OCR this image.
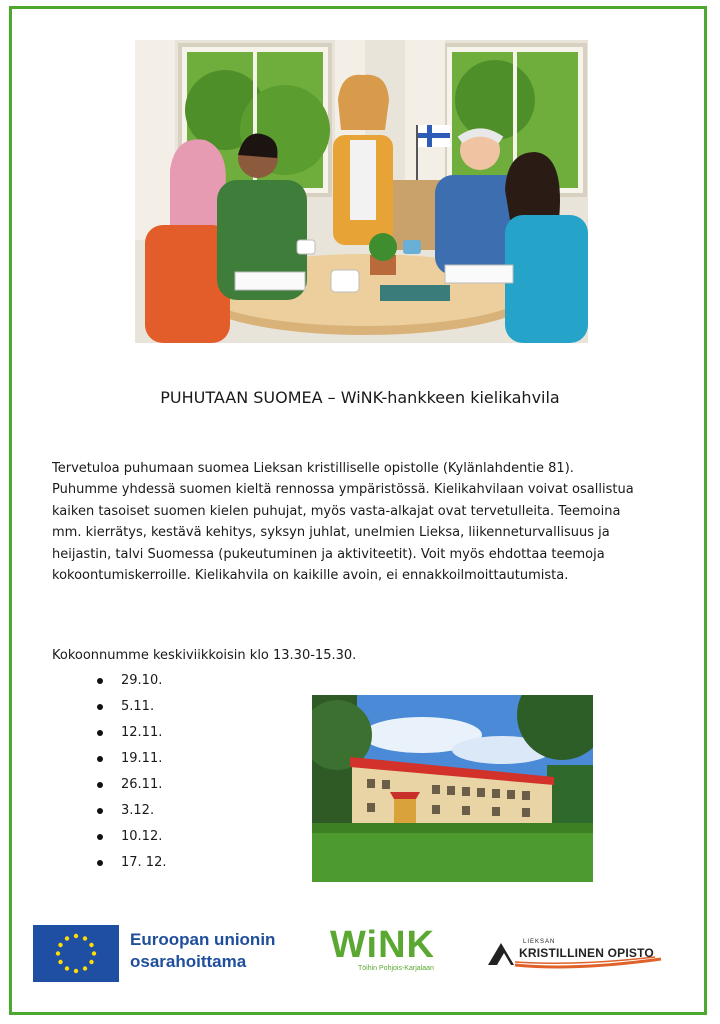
PUHUTAAN SUOMEA – WiNK-hankkeen kielikahvila
Tervetuloa puhumaan suomea Lieksan kristilliselle opistolle (Kylänlahdentie 81). Puhumme yhdessä suomen kieltä rennossa ympäristössä. Kielikahvilaan voivat osallistua kaiken tasoiset suomen kielen puhujat, myös vasta-alkajat ovat tervetulleita. Teemoina mm. kierrätys, kestävä kehitys, syksyn juhlat, unelmien Lieksa, liikenneturvallisuus ja heijastin, talvi Suomessa (pukeutuminen ja aktiviteetit). Voit myös ehdottaa teemoja kokoontumiskerroille. Kielikahvila on kaikille avoin, ei ennakkoilmoittautumista.
Kokoonnumme keskiviikkoisin klo 13.30-15.30.
29.10.
5.11.
12.11.
19.11.
26.11.
3.12.
10.12.
17. 12.
Euroopan unionin
osarahoittama	WiNK
Töihin Pohjois-Karjalaan
LIEKSAN
KRISTILLINEN OPISTO
